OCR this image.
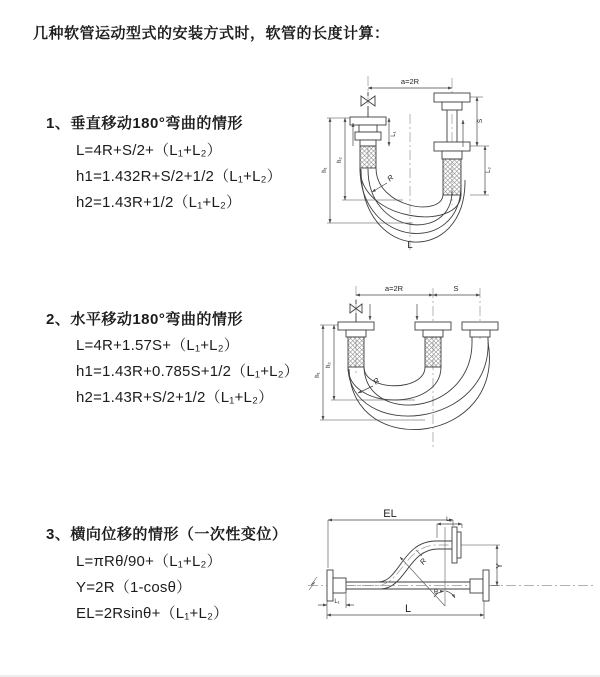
几种软管运动型式的安装方式时，软管的长度计算：
1、垂直移动180°弯曲的情形
L=4R+S/2+（L₁+L₂）
h1=1.432R+S/2+1/2（L₁+L₂）
h2=1.43R+1/2（L₁+L₂）
2、水平移动180°弯曲的情形
L=4R+1.57S+（L₁+L₂）
h1=1.43R+0.785S+1/2（L₁+L₂）
h2=1.43R+S/2+1/2（L₁+L₂）
3、横向位移的情形（一次性变位）
L=πRθ/90+（L₁+L₂）
Y=2R（1-cosθ）
EL=2Rsinθ+（L₁+L₂）
a=2R
L₁
S
L₂
h₁
h₂
R
L
a=2R	S
h₁
h₂
R
EL	L₂
Y
θ
R
L₁
L
